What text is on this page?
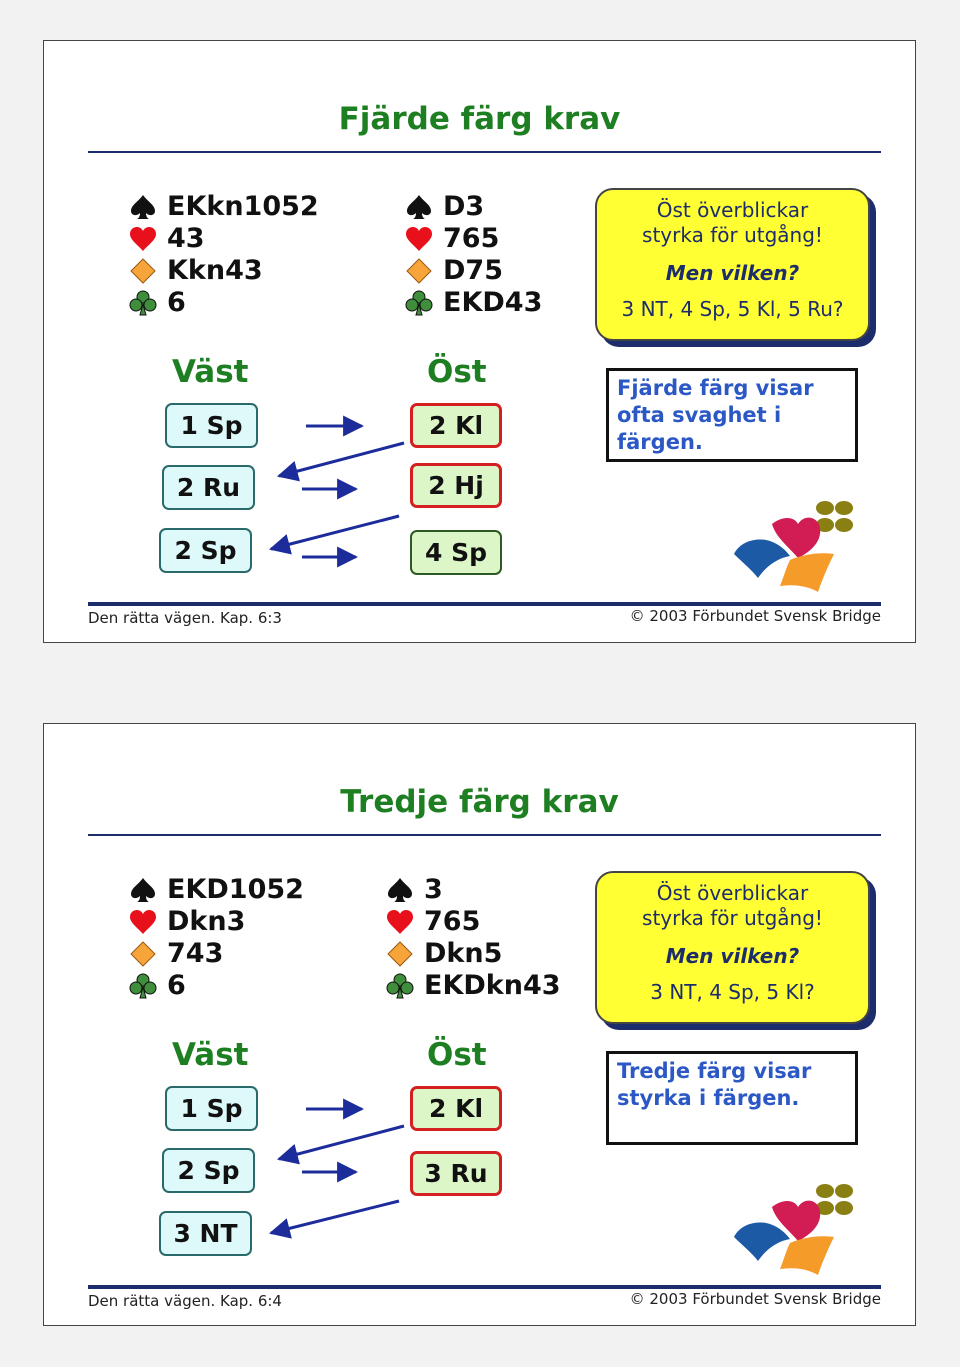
Fjärde färg krav
EKkn1052
43
Kkn43
6
D3
765
D75
EKD43
Öst överblickar
styrka för utgång!
Men vilken?
3 NT, 4 Sp, 5 Kl, 5 Ru?
Väst	Öst	Fjärde färg visar ofta svaghet i färgen.
1 Sp	2 Kl
2 Ru	2 Hj
2 Sp	4 Sp
Den rätta vägen. Kap. 6:3	© 2003 Förbundet Svensk Bridge
Tredje färg krav
EKD1052
Dkn3
743
6
3
765
Dkn5
EKDkn43
Öst överblickar
styrka för utgång!
Men vilken?
3 NT, 4 Sp, 5 Kl?
Väst	Öst	Tredje färg visar styrka i färgen.
1 Sp	2 Kl
2 Sp	3 Ru
3 NT
Den rätta vägen. Kap. 6:4	© 2003 Förbundet Svensk Bridge
